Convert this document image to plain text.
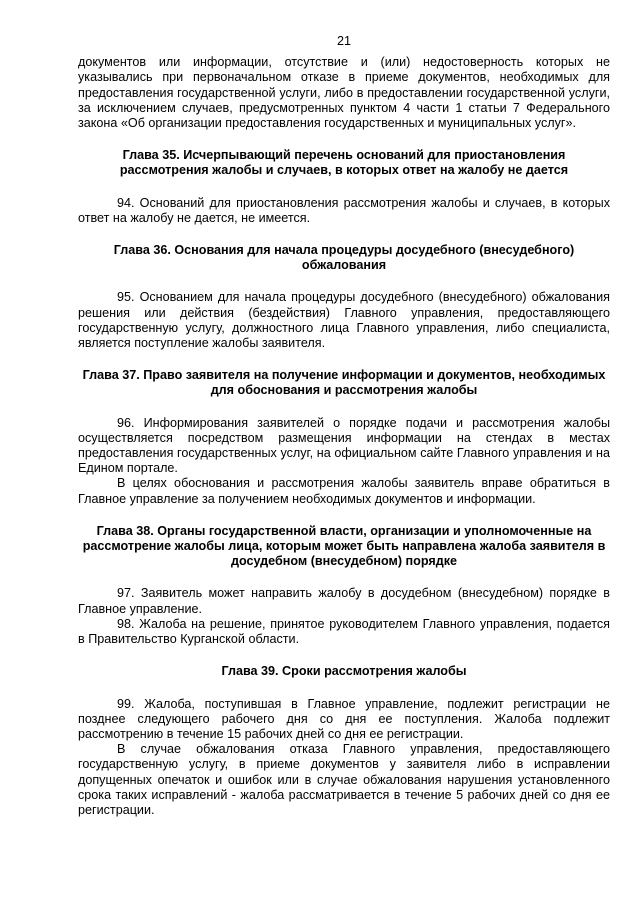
21

документов или информации, отсутствие и (или) недостоверность которых не указывались при первоначальном отказе в приеме документов, необходимых для предоставления государственной услуги, либо в предоставлении государственной услуги, за исключением случаев, предусмотренных пунктом 4 части 1 статьи 7 Федерального закона «Об организации предоставления государственных и муниципальных услуг».

Глава 35. Исчерпывающий перечень оснований для приостановления рассмотрения жалобы и случаев, в которых ответ на жалобу не дается

94. Оснований для приостановления рассмотрения жалобы и случаев, в которых ответ на жалобу не дается, не имеется.

Глава 36. Основания для начала процедуры досудебного (внесудебного) обжалования

95. Основанием для начала процедуры досудебного (внесудебного) обжалования решения или действия (бездействия) Главного управления, предоставляющего государственную услугу, должностного лица Главного управления, либо специалиста, является поступление жалобы заявителя.

Глава 37. Право заявителя на получение информации и документов, необходимых для обоснования и рассмотрения жалобы

96. Информирования заявителей о порядке подачи и рассмотрения жалобы осуществляется посредством размещения информации на стендах в местах предоставления государственных услуг, на официальном сайте Главного управления и на Едином портале.

В целях обоснования и рассмотрения жалобы заявитель вправе обратиться в Главное управление за получением необходимых документов и информации.

Глава 38. Органы государственной власти, организации и уполномоченные на рассмотрение жалобы лица, которым может быть направлена жалоба заявителя в досудебном (внесудебном) порядке

97. Заявитель может направить жалобу в досудебном (внесудебном) порядке в Главное управление.

98. Жалоба на решение, принятое руководителем Главного управления, подается в Правительство Курганской области.

Глава 39. Сроки рассмотрения жалобы

99. Жалоба, поступившая в Главное управление, подлежит регистрации не позднее следующего рабочего дня со дня ее поступления. Жалоба подлежит рассмотрению в течение 15 рабочих дней со дня ее регистрации.

В случае обжалования отказа Главного управления, предоставляющего государственную услугу, в приеме документов у заявителя либо в исправлении допущенных опечаток и ошибок или в случае обжалования нарушения установленного срока таких исправлений - жалоба рассматривается в течение 5 рабочих дней со дня ее регистрации.
